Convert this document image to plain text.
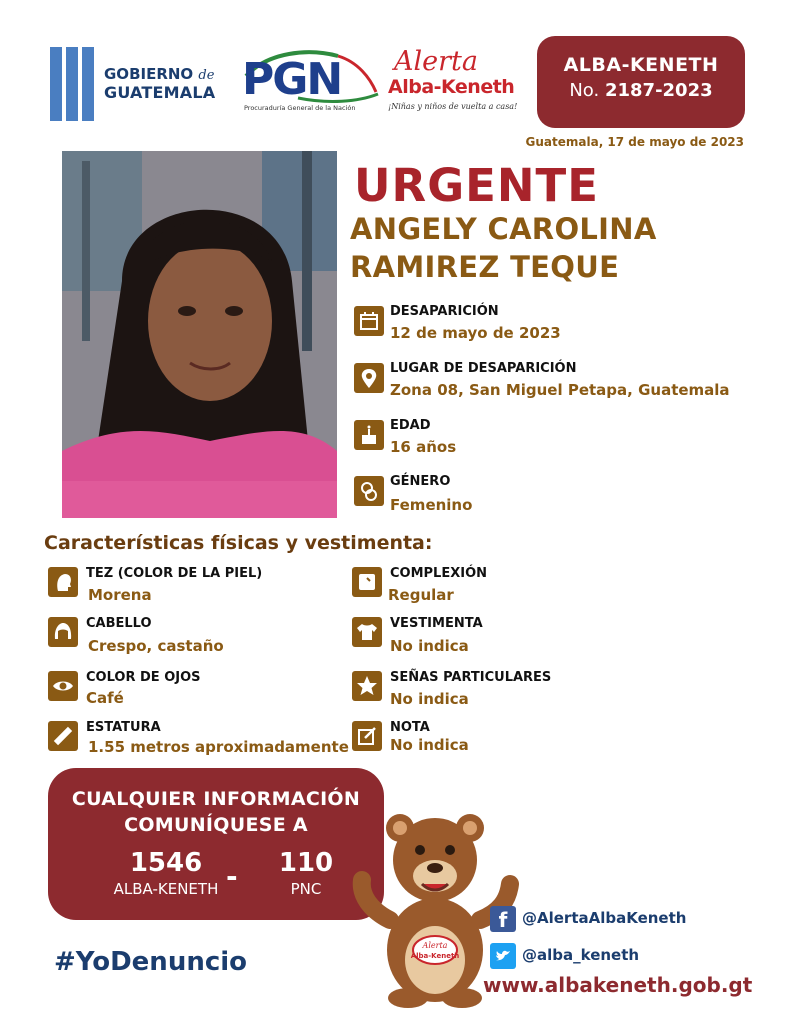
GOBIERNO de
GUATEMALA PGN
Procuraduría General de la Nación
Alerta
Alba-Keneth
¡Niñas y niños de vuelta a casa!
ALBA-KENETH
No. 2187-2023
Guatemala, 17 de mayo de 2023
URGENTE
ANGELY CAROLINA
RAMIREZ TEQUE
DESAPARICIÓN
12 de mayo de 2023
LUGAR DE DESAPARICIÓN
Zona 08, San Miguel Petapa, Guatemala
EDAD
16 años
GÉNERO
Femenino
Características físicas y vestimenta:
TEZ (COLOR DE LA PIEL)
Morena
CABELLO
Crespo, castaño
COLOR DE OJOS
Café
ESTATURA
1.55 metros aproximadamente
COMPLEXIÓN
Regular
VESTIMENTA
No indica
SEÑAS PARTICULARES
No indica
NOTA
No indica
CUALQUIER INFORMACIÓN
COMUNÍQUESE A
1546
ALBA-KENETH -	110
PNC
Alerta
Alba-Keneth
#YoDenuncio
f @AlertaAlbaKeneth
@alba_keneth
www.albakeneth.gob.gt
